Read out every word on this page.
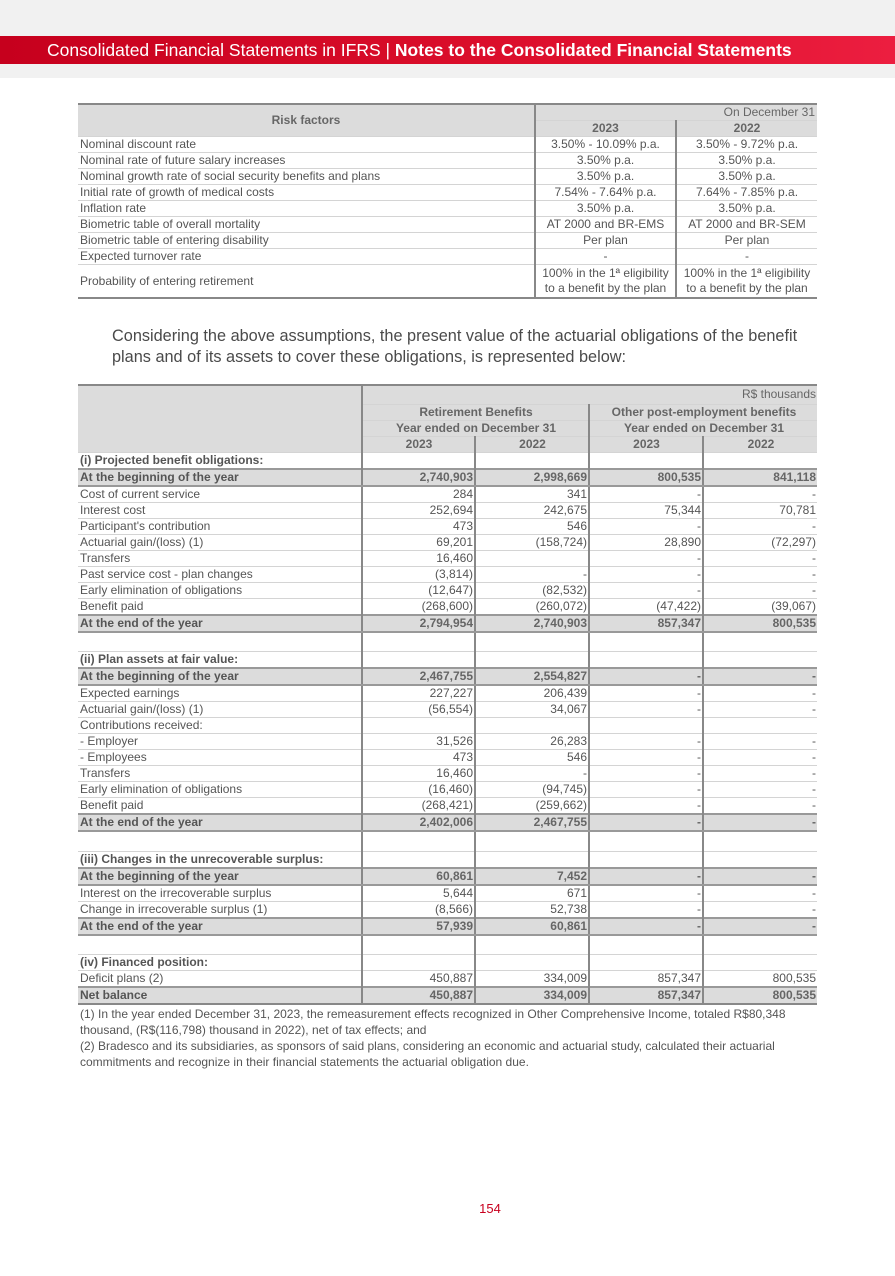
Consolidated Financial Statements in IFRS | Notes to the Consolidated Financial Statements
Risk factors	On December 31	
	2023	2022
Nominal discount rate	3.50% - 10.09% p.a.	3.50% - 9.72% p.a.
Nominal rate of future salary increases	3.50% p.a.	3.50% p.a.
Nominal growth rate of social security benefits and plans	3.50% p.a.	3.50% p.a.
Initial rate of growth of medical costs	7.54% - 7.64% p.a.	7.64% - 7.85% p.a.
Inflation rate	3.50% p.a.	3.50% p.a.
Biometric table of overall mortality	AT 2000 and BR-EMS	AT 2000 and BR-SEM
Biometric table of entering disability	Per plan	Per plan
Expected turnover rate	-	-
Probability of entering retirement	100% in the 1ª eligibility to a benefit by the plan	100% in the 1ª eligibility to a benefit by the plan
Considering the above assumptions, the present value of the actuarial obligations of the benefit plans and of its assets to cover these obligations, is represented below:
	R$ thousands			
	Retirement Benefits		Other post-employment benefits	
	Year ended on December 31		Year ended on December 31	
	2023	2022	2023	2022
(i) Projected benefit obligations:				
At the beginning of the year	2,740,903	2,998,669	800,535	841,118
Cost of current service	284	341	-	-
Interest cost	252,694	242,675	75,344	70,781
Participant's contribution	473	546	-	-
Actuarial gain/(loss) (1)	69,201	(158,724)	28,890	(72,297)
Transfers	16,460		-	-
Past service cost - plan changes	(3,814)	-	-	-
Early elimination of obligations	(12,647)	(82,532)	-	-
Benefit paid	(268,600)	(260,072)	(47,422)	(39,067)
At the end of the year	2,794,954	2,740,903	857,347	800,535

(ii) Plan assets at fair value:				
At the beginning of the year	2,467,755	2,554,827	-	-
Expected earnings	227,227	206,439	-	-
Actuarial gain/(loss) (1)	(56,554)	34,067	-	-
Contributions received:				
- Employer	31,526	26,283	-	-
- Employees	473	546	-	-
Transfers	16,460	-	-	-
Early elimination of obligations	(16,460)	(94,745)	-	-
Benefit paid	(268,421)	(259,662)	-	-
At the end of the year	2,402,006	2,467,755	-	-

(iii) Changes in the unrecoverable surplus:				
At the beginning of the year	60,861	7,452	-	-
Interest on the irrecoverable surplus	5,644	671	-	-
Change in irrecoverable surplus (1)	(8,566)	52,738	-	-
At the end of the year	57,939	60,861	-	-

(iv) Financed position:				
Deficit plans (2)	450,887	334,009	857,347	800,535
Net balance	450,887	334,009	857,347	800,535
(1) In the year ended December 31, 2023, the remeasurement effects recognized in Other Comprehensive Income, totaled R$80,348 thousand, (R$(116,798) thousand in 2022), net of tax effects; and
(2) Bradesco and its subsidiaries, as sponsors of said plans, considering an economic and actuarial study, calculated their actuarial commitments and recognize in their financial statements the actuarial obligation due.
154
